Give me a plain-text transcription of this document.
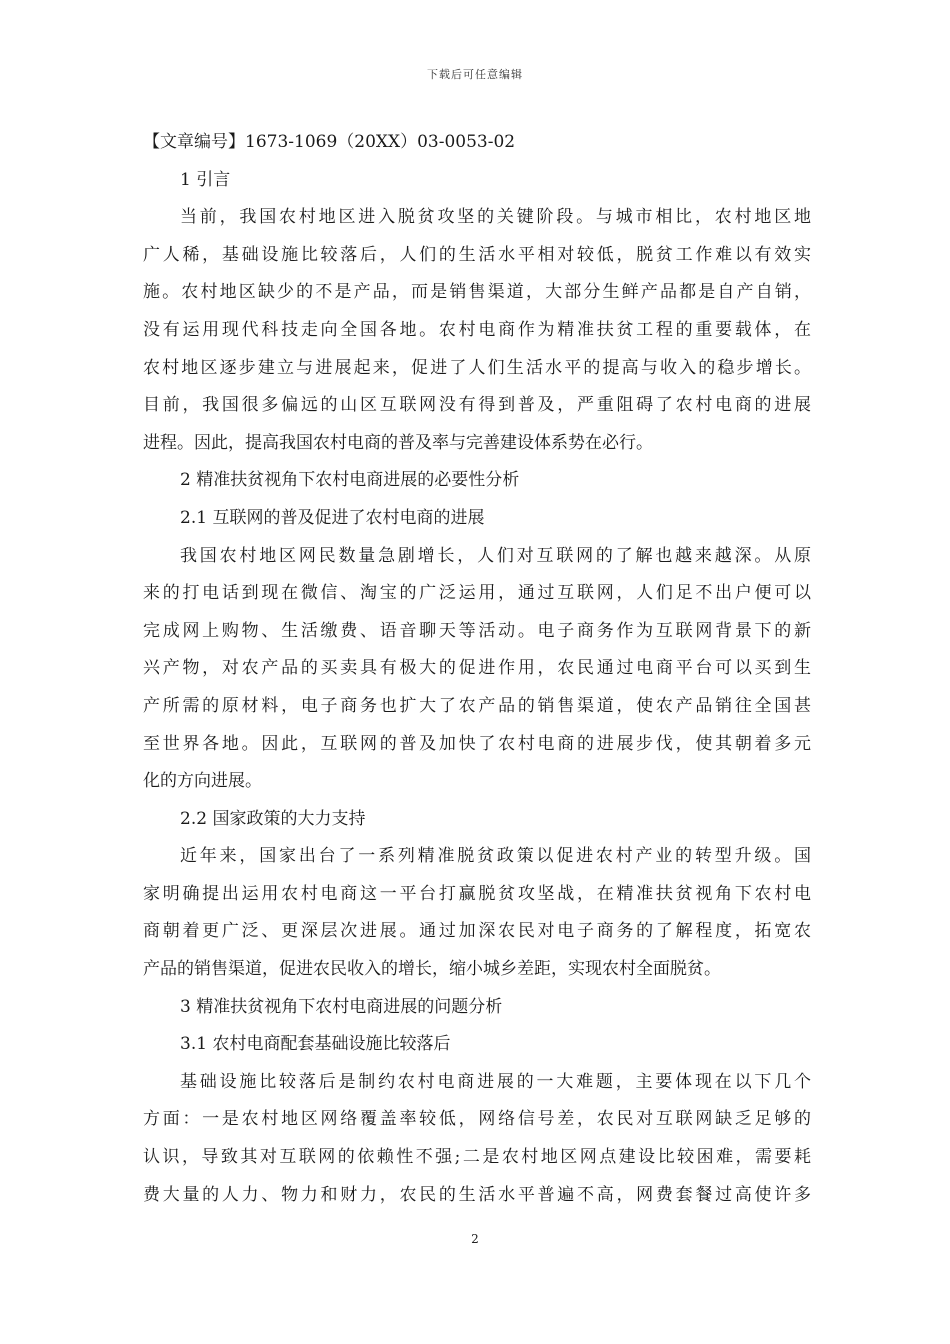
下载后可任意编辑
【文章编号】1673-1069（20XX）03-0053-02
1 引言
当前，我国农村地区进入脱贫攻坚的关键阶段。与城市相比，农村地区地
广人稀，基础设施比较落后，人们的生活水平相对较低，脱贫工作难以有效实
施。农村地区缺少的不是产品，而是销售渠道，大部分生鲜产品都是自产自销，
没有运用现代科技走向全国各地。农村电商作为精准扶贫工程的重要载体，在
农村地区逐步建立与进展起来，促进了人们生活水平的提高与收入的稳步增长。
目前，我国很多偏远的山区互联网没有得到普及，严重阻碍了农村电商的进展
进程。因此，提高我国农村电商的普及率与完善建设体系势在必行。
2 精准扶贫视角下农村电商进展的必要性分析
2.1 互联网的普及促进了农村电商的进展
我国农村地区网民数量急剧增长，人们对互联网的了解也越来越深。从原
来的打电话到现在微信、淘宝的广泛运用，通过互联网，人们足不出户便可以
完成网上购物、生活缴费、语音聊天等活动。电子商务作为互联网背景下的新
兴产物，对农产品的买卖具有极大的促进作用，农民通过电商平台可以买到生
产所需的原材料，电子商务也扩大了农产品的销售渠道，使农产品销往全国甚
至世界各地。因此，互联网的普及加快了农村电商的进展步伐，使其朝着多元
化的方向进展。
2.2 国家政策的大力支持
近年来，国家出台了一系列精准脱贫政策以促进农村产业的转型升级。国
家明确提出运用农村电商这一平台打赢脱贫攻坚战，在精准扶贫视角下农村电
商朝着更广泛、更深层次进展。通过加深农民对电子商务的了解程度，拓宽农
产品的销售渠道，促进农民收入的增长，缩小城乡差距，实现农村全面脱贫。
3 精准扶贫视角下农村电商进展的问题分析
3.1 农村电商配套基础设施比较落后
基础设施比较落后是制约农村电商进展的一大难题，主要体现在以下几个
方面：一是农村地区网络覆盖率较低，网络信号差，农民对互联网缺乏足够的
认识，导致其对互联网的依赖性不强;二是农村地区网点建设比较困难，需要耗
费大量的人力、物力和财力，农民的生活水平普遍不高，网费套餐过高使许多
2
